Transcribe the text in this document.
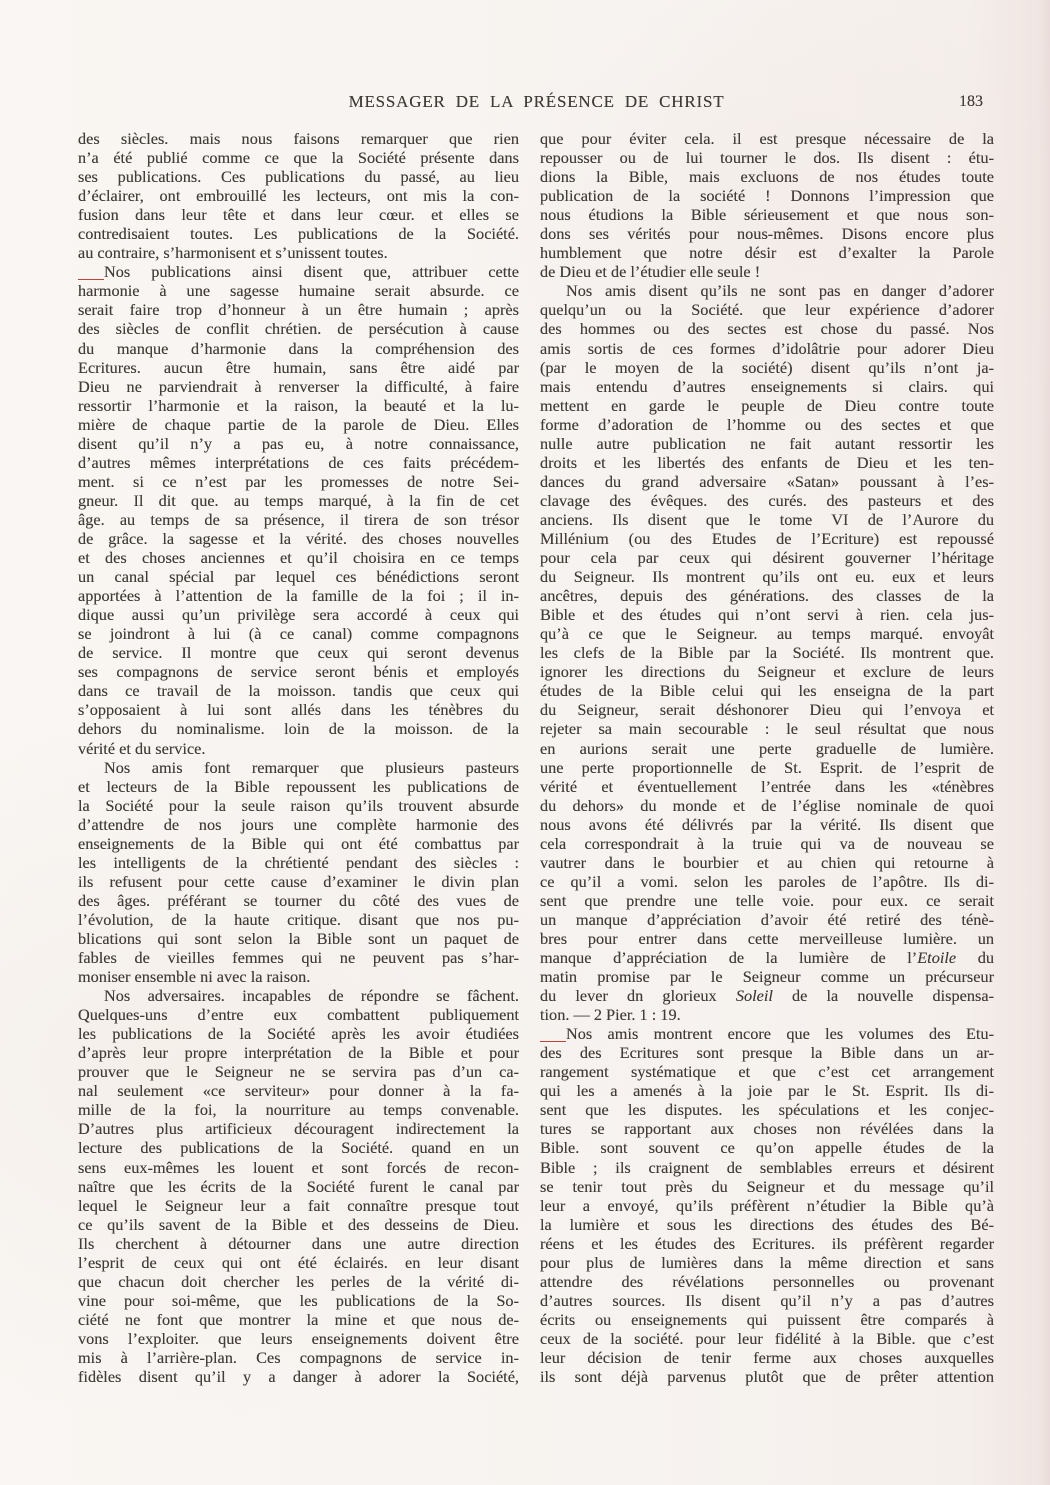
MESSAGER DE LA PRÉSENCE DE CHRIST	183
des siècles. mais nous faisons remarquer que rien
n’a été publié comme ce que la Société présente dans
ses publications. Ces publications du passé, au lieu
d’éclairer, ont embrouillé les lecteurs, ont mis la con-
fusion dans leur tête et dans leur cœur. et elles se
contredisaient toutes. Les publications de la Société.
au contraire, s’harmonisent et s’unissent toutes.
Nos publications ainsi disent que, attribuer cette
harmonie à une sagesse humaine serait absurde. ce
serait faire trop d’honneur à un être humain ; après
des siècles de conflit chrétien. de persécution à cause
du manque d’harmonie dans la compréhension des
Ecritures. aucun être humain, sans être aidé par
Dieu ne parviendrait à renverser la difficulté, à faire
ressortir l’harmonie et la raison, la beauté et la lu-
mière de chaque partie de la parole de Dieu. Elles
disent qu’il n’y a pas eu, à notre connaissance,
d’autres mêmes interprétations de ces faits précédem-
ment. si ce n’est par les promesses de notre Sei-
gneur. Il dit que. au temps marqué, à la fin de cet
âge. au temps de sa présence, il tirera de son trésor
de grâce. la sagesse et la vérité. des choses nouvelles
et des choses anciennes et qu’il choisira en ce temps
un canal spécial par lequel ces bénédictions seront
apportées à l’attention de la famille de la foi ; il in-
dique aussi qu’un privilège sera accordé à ceux qui
se joindront à lui (à ce canal) comme compagnons
de service. Il montre que ceux qui seront devenus
ses compagnons de service seront bénis et employés
dans ce travail de la moisson. tandis que ceux qui
s’opposaient à lui sont allés dans les ténèbres du
dehors du nominalisme. loin de la moisson. de la
vérité et du service.
Nos amis font remarquer que plusieurs pasteurs
et lecteurs de la Bible repoussent les publications de
la Société pour la seule raison qu’ils trouvent absurde
d’attendre de nos jours une complète harmonie des
enseignements de la Bible qui ont été combattus par
les intelligents de la chrétienté pendant des siècles :
ils refusent pour cette cause d’examiner le divin plan
des âges. préférant se tourner du côté des vues de
l’évolution, de la haute critique. disant que nos pu-
blications qui sont selon la Bible sont un paquet de
fables de vieilles femmes qui ne peuvent pas s’har-
moniser ensemble ni avec la raison.
Nos adversaires. incapables de répondre se fâchent.
Quelques-uns d’entre eux combattent publiquement
les publications de la Société après les avoir étudiées
d’après leur propre interprétation de la Bible et pour
prouver que le Seigneur ne se servira pas d’un ca-
nal seulement «ce serviteur» pour donner à la fa-
mille de la foi, la nourriture au temps convenable.
D’autres plus artificieux découragent indirectement la
lecture des publications de la Société. quand en un
sens eux-mêmes les louent et sont forcés de recon-
naître que les écrits de la Société furent le canal par
lequel le Seigneur leur a fait connaître presque tout
ce qu’ils savent de la Bible et des desseins de Dieu.
Ils cherchent à détourner dans une autre direction
l’esprit de ceux qui ont été éclairés. en leur disant
que chacun doit chercher les perles de la vérité di-
vine pour soi-même, que les publications de la So-
ciété ne font que montrer la mine et que nous de-
vons l’exploiter. que leurs enseignements doivent être
mis à l’arrière-plan. Ces compagnons de service in-
fidèles disent qu’il y a danger à adorer la Société,
que pour éviter cela. il est presque nécessaire de la
repousser ou de lui tourner le dos. Ils disent : étu-
dions la Bible, mais excluons de nos études toute
publication de la société ! Donnons l’impression que
nous étudions la Bible sérieusement et que nous son-
dons ses vérités pour nous-mêmes. Disons encore plus
humblement que notre désir est d’exalter la Parole
de Dieu et de l’étudier elle seule !
Nos amis disent qu’ils ne sont pas en danger d’adorer
quelqu’un ou la Société. que leur expérience d’adorer
des hommes ou des sectes est chose du passé. Nos
amis sortis de ces formes d’idolâtrie pour adorer Dieu
(par le moyen de la société) disent qu’ils n’ont ja-
mais entendu d’autres enseignements si clairs. qui
mettent en garde le peuple de Dieu contre toute
forme d’adoration de l’homme ou des sectes et que
nulle autre publication ne fait autant ressortir les
droits et les libertés des enfants de Dieu et les ten-
dances du grand adversaire «Satan» poussant à l’es-
clavage des évêques. des curés. des pasteurs et des
anciens. Ils disent que le tome VI de l’Aurore du
Millénium (ou des Etudes de l’Ecriture) est repoussé
pour cela par ceux qui désirent gouverner l’héritage
du Seigneur. Ils montrent qu’ils ont eu. eux et leurs
ancêtres, depuis des générations. des classes de la
Bible et des études qui n’ont servi à rien. cela jus-
qu’à ce que le Seigneur. au temps marqué. envoyât
les clefs de la Bible par la Société. Ils montrent que.
ignorer les directions du Seigneur et exclure de leurs
études de la Bible celui qui les enseigna de la part
du Seigneur, serait déshonorer Dieu qui l’envoya et
rejeter sa main secourable : le seul résultat que nous
en aurions serait une perte graduelle de lumière.
une perte proportionnelle de St. Esprit. de l’esprit de
vérité et éventuellement l’entrée dans les «ténèbres
du dehors» du monde et de l’église nominale de quoi
nous avons été délivrés par la vérité. Ils disent que
cela correspondrait à la truie qui va de nouveau se
vautrer dans le bourbier et au chien qui retourne à
ce qu’il a vomi. selon les paroles de l’apôtre. Ils di-
sent que prendre une telle voie. pour eux. ce serait
un manque d’appréciation d’avoir été retiré des ténè-
bres pour entrer dans cette merveilleuse lumière. un
manque d’appréciation de la lumière de l’Etoile du
matin promise par le Seigneur comme un précurseur
du lever dn glorieux Soleil de la nouvelle dispensa-
tion. — 2 Pier. 1 : 19.
Nos amis montrent encore que les volumes des Etu-
des des Ecritures sont presque la Bible dans un ar-
rangement systématique et que c’est cet arrangement
qui les a amenés à la joie par le St. Esprit. Ils di-
sent que les disputes. les spéculations et les conjec-
tures se rapportant aux choses non révélées dans la
Bible. sont souvent ce qu’on appelle études de la
Bible ; ils craignent de semblables erreurs et désirent
se tenir tout près du Seigneur et du message qu’il
leur a envoyé, qu’ils préfèrent n’étudier la Bible qu’à
la lumière et sous les directions des études des Bé-
réens et les études des Ecritures. ils préfèrent regarder
pour plus de lumières dans la même direction et sans
attendre des révélations personnelles ou provenant
d’autres sources. Ils disent qu’il n’y a pas d’autres
écrits ou enseignements qui puissent être comparés à
ceux de la société. pour leur fidélité à la Bible. que c’est
leur décision de tenir ferme aux choses auxquelles
ils sont déjà parvenus plutôt que de prêter attention
